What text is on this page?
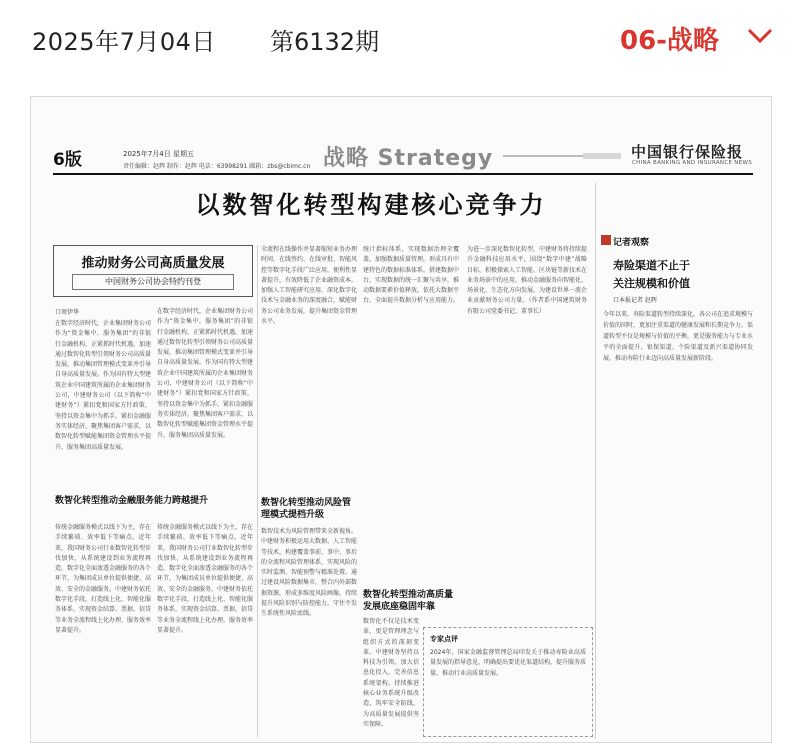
2025年7月04日 第6132期	06-战略
6版	2025年7月4日 星期五
责任编辑：赵辉 制作：赵辉 电话：63998291 邮箱：zbs@cbimc.cn 战略 Strategy	中国银行保险报
CHINA BANKING AND INSURANCE NEWS
以数智化转型构建核心竞争力
推动财务公司高质量发展
中国财务公司协会特约刊登
口周伊华
在数字经济时代，企业集团财务公司作为“资金集中、服务集团”的非银行金融机构，正紧抓时代机遇，加速通过数智化转型引领财务公司高质量发展，推动集团管理模式变革并引导自身高质量发展。作为国有特大型建筑企业中国建筑所属的企业集团财务公司，中建财务公司（以下简称“中建财务”）紧扣党和国家方针政策，坚持以资金集中为抓手，紧扣金融服务实体经济，聚焦集团客户需求，以数智化转型赋能集团资金管理水平提升，服务集团高质量发展。
在数字经济时代，企业集团财务公司作为“资金集中、服务集团”的非银行金融机构，正紧抓时代机遇，加速通过数智化转型引领财务公司高质量发展，推动集团管理模式变革并引导自身高质量发展。作为国有特大型建筑企业中国建筑所属的企业集团财务公司，中建财务公司（以下简称“中建财务”）紧扣党和国家方针政策，坚持以资金集中为抓手，紧扣金融服务实体经济，聚焦集团客户需求，以数智化转型赋能集团资金管理水平提升，服务集团高质量发展。
数智化转型推动金融服务能力跨越提升
传统金融服务模式以线下为主，存在手续繁琐、效率低下等痛点。近年来，我国财务公司行业数智化转型步伐加快，从系统建设到业务流程再造，数字化全面渗透金融服务的各个环节，为集团成员单位提供便捷、高效、安全的金融服务。中建财务依托数字化手段，打造线上化、智能化服务体系，实现资金结算、票据、信贷等业务全流程线上化办理，服务效率显著提升。
传统金融服务模式以线下为主，存在手续繁琐、效率低下等痛点。近年来，我国财务公司行业数智化转型步伐加快，从系统建设到业务流程再造，数字化全面渗透金融服务的各个环节，为集团成员单位提供便捷、高效、安全的金融服务。中建财务依托数字化手段，打造线上化、智能化服务体系，实现资金结算、票据、信贷等业务全流程线上化办理，服务效率显著提升。
全流程在线操作并显著缩短业务办理时间，在线签约、在线审批、智能风控等数字化手段广泛应用，便利性显著提升，有效降低了企业融资成本。加强人工智能研究应用，深化数字化技术与金融业务的深度融合，赋能财务公司业务发展，提升集团资金管理水平。
数智化转型推动风险管理模式提档升级
数智技术为风险管理带来全新视角。中建财务积极运用大数据、人工智能等技术，构建覆盖事前、事中、事后的全流程风险管理体系，实现风险的实时监测、智能预警与精准处置。通过建设风险数据集市，整合内外部数据资源，形成多维度风险画像，持续提升风险识别与防控能力，守住不发生系统性风险底线。
统计指标体系，实现数据治理全覆盖。加强数据质量管理，形成具有中建特色的数据标准体系。搭建数据中台，实现数据的统一汇聚与共享，推动数据要素价值释放。依托大数据平台，全面提升数据分析与应用能力。
数智化转型推动高质量发展底座稳固牢靠
数智化不仅是技术变革，更是管理理念与组织方式的深刻变革。中建财务坚持以科技为引领，加大信息化投入，完善信息系统架构，持续推进核心业务系统升级改造，筑牢安全防线，为高质量发展提供坚实保障。
为进一步深化数智化转型，中建财务将持续提升金融科技应用水平，围绕“数字中建”战略目标，积极探索人工智能、区块链等新技术在业务场景中的应用，推动金融服务向智能化、场景化、生态化方向发展，为建设世界一流企业贡献财务公司力量。（作者系中国建筑财务有限公司党委书记、董事长）
专家点评
2024年，国家金融监督管理总局印发关于推动寿险业高质量发展的指导意见，明确提出要优化渠道结构，提升服务质量，推动行业高质量发展。
记者观察
寿险渠道不止于
关注规模和价值
口本报记者 赵辉
今年以来，寿险渠道转型持续深化，各公司在追求规模与价值的同时，更加注重渠道的健康发展和长期竞争力。渠道转型不仅是规模与价值的平衡，更是服务能力与专业水平的全面提升。银保渠道、个险渠道及新兴渠道协同发展，推动寿险行业迈向高质量发展新阶段。
